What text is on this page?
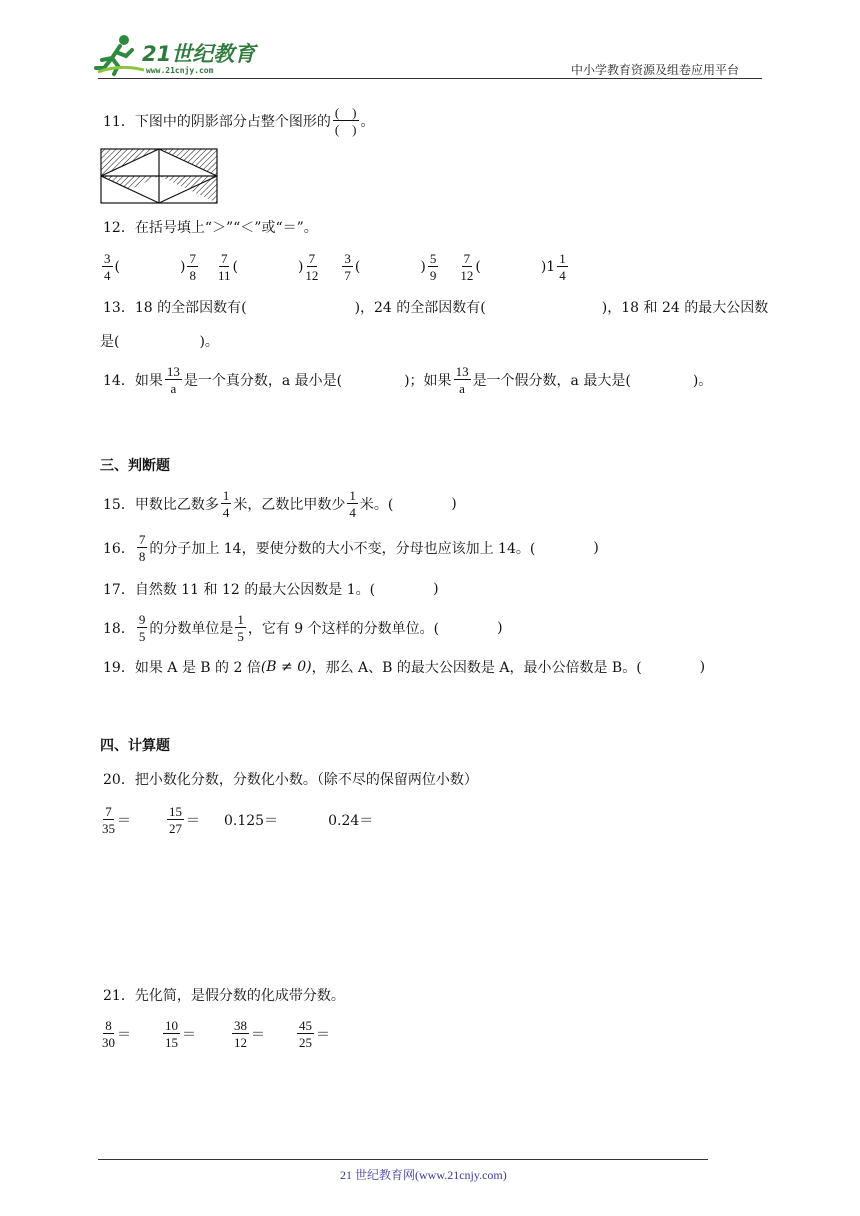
21世纪教育
www.21cnjy.com	中小学教育资源及组卷应用平台
11． 下图中的阴影部分占整个图形的 $\frac{( )}{( )}$ 。
12． 在括号填上“＞”“＜”或“＝”。
$\frac{3}{4}$ (	) $\frac{7}{8} \frac{7}{11}$ (	) $\frac{7}{12} \frac{3}{7}$ (	) $\frac{5}{9} \frac{7}{12}$ (	) $1 \frac{1}{4}$
13． 18 的全部因数有(	)，24 的全部因数有(	)，18 和 24 的最大公因数
是(	)。
14． 如果 $\frac{13}{a}$ 是一个真分数，a 最小是(	)；如果 $\frac{13}{a}$ 是一个假分数，a 最大是(	)。
三、判断题
15． 甲数比乙数多 $\frac{1}{4}$ 米，乙数比甲数少 $\frac{1}{4}$ 米。(	)
16． $\frac{7}{8}$ 的分子加上 14，要使分数的大小不变，分母也应该加上 14。(	)
17． 自然数 11 和 12 的最大公因数是 1。(	)
18． $\frac{9}{5}$ 的分数单位是 $\frac{1}{5}$ ，它有 9 个这样的分数单位。(	)
19． 如果 A 是 B 的 2 倍 (B ≠ 0) ，那么 A、B 的最大公因数是 A，最小公倍数是 B。(	)
四、计算题
20． 把小数化分数，分数化小数。（除不尽的保留两位小数）
$\frac{7}{35}$ ＝	$\frac{15}{27} = 0.125=$	0.24＝
21． 先化简，是假分数的化成带分数。
$\frac{8}{30} = \frac{10}{15}$ ＝	$\frac{38}{12} = \frac{45}{25}$ ＝
21 世纪教育网(www.21cnjy.com)
